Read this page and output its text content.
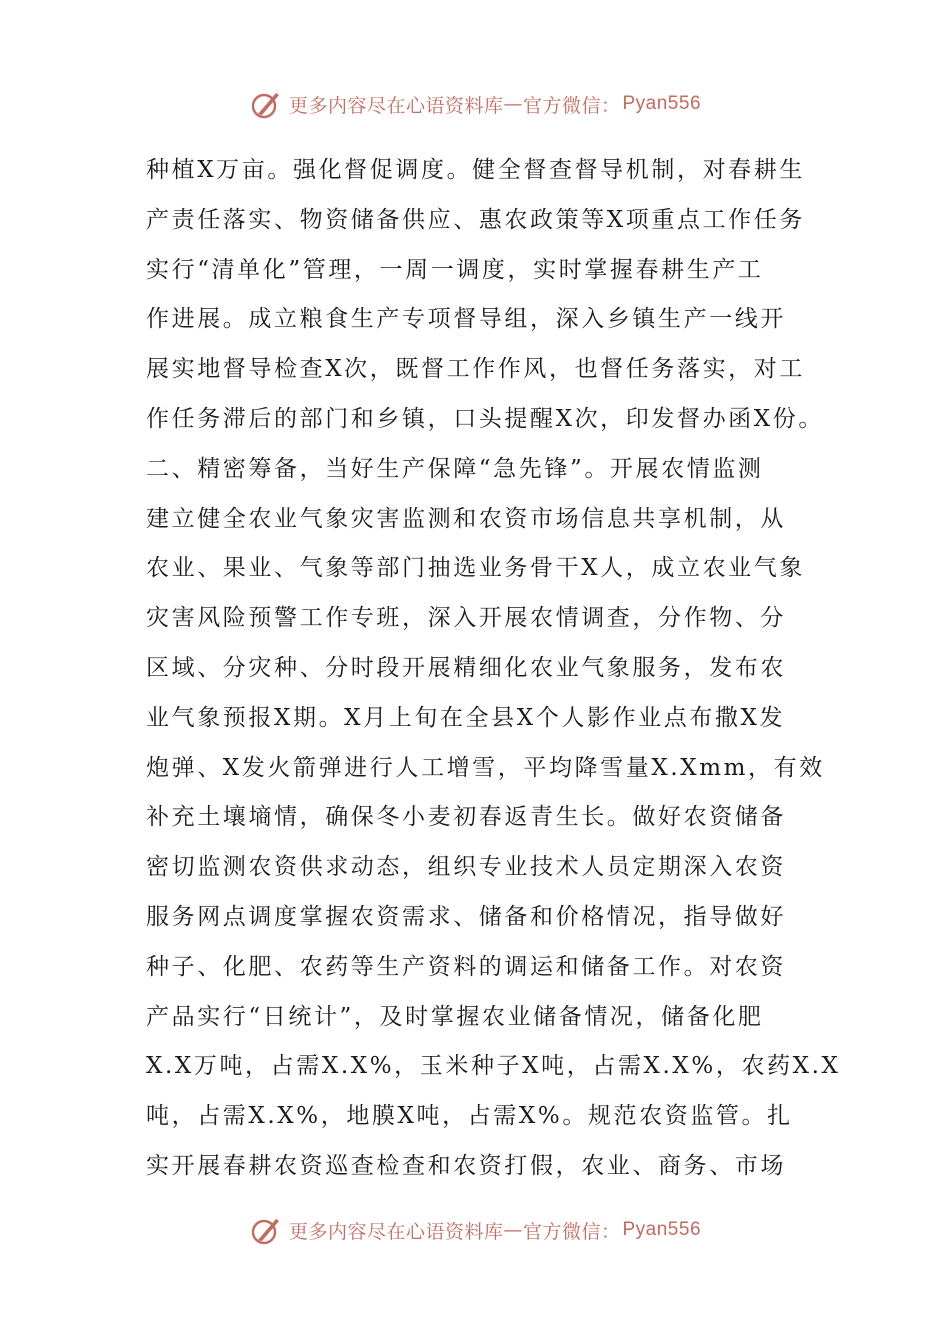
更多内容尽在心语资料库 — 官方微信： Pyan556
种植X万亩。强化督促调度。健全督查督导机制，对春耕生
产责任落实、物资储备供应、惠农政策等X项重点工作任务
实行“清单化”管理，一周一调度，实时掌握春耕生产工
作进展。成立粮食生产专项督导组，深入乡镇生产一线开
展实地督导检查X次，既督工作作风，也督任务落实，对工
作任务滞后的部门和乡镇，口头提醒X次，印发督办函X份。
二、精密筹备，当好生产保障“急先锋”。开展农情监测
建立健全农业气象灾害监测和农资市场信息共享机制，从
农业、果业、气象等部门抽选业务骨干X人，成立农业气象
灾害风险预警工作专班，深入开展农情调查，分作物、分
区域、分灾种、分时段开展精细化农业气象服务，发布农
业气象预报X期。X月上旬在全县X个人影作业点布撒X发
炮弹、X发火箭弹进行人工增雪，平均降雪量X.Xmm，有效
补充土壤墒情，确保冬小麦初春返青生长。做好农资储备
密切监测农资供求动态，组织专业技术人员定期深入农资
服务网点调度掌握农资需求、储备和价格情况，指导做好
种子、化肥、农药等生产资料的调运和储备工作。对农资
产品实行“日统计”，及时掌握农业储备情况，储备化肥
X.X万吨，占需X.X%，玉米种子X吨，占需X.X%，农药X.X
吨，占需X.X%，地膜X吨，占需X%。规范农资监管。扎
实开展春耕农资巡查检查和农资打假，农业、商务、市场
更多内容尽在心语资料库 — 官方微信： Pyan556
